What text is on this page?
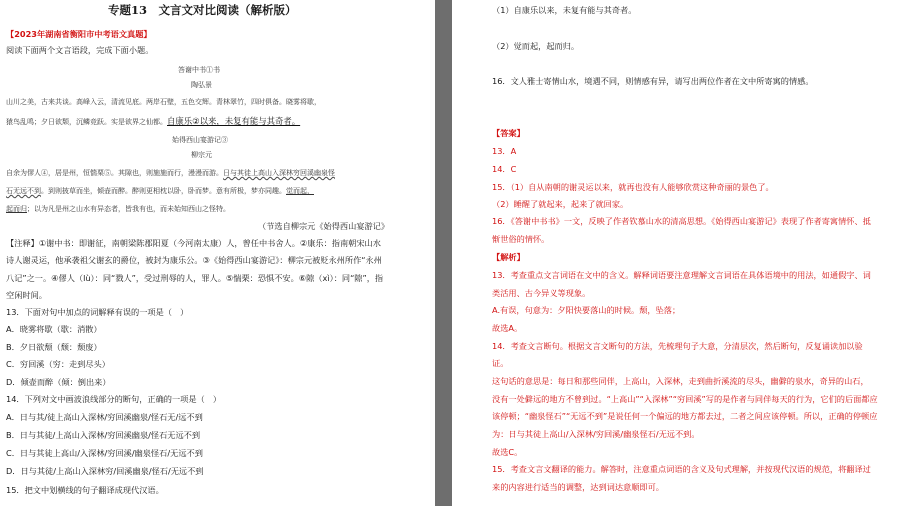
专题13　文言文对比阅读（解析版）
【2023年湖南省衡阳市中考语文真题】
阅读下面两个文言语段，完成下面小题。
答谢中书①书
陶弘景
山川之美，古来共谈。高峰入云，清流见底。两岸石壁，五色交辉。青林翠竹，四时俱备。晓雾将歇，
猿鸟乱鸣；夕日欲颓，沉鳞竞跃。实是欲界之仙都。自康乐②以来，未复有能与其奇者。
始得西山宴游记③
柳宗元
自余为僇人④，居是州，恒惴栗⑤。其隙也，则施施而行，漫漫而游。日与其徒上高山入深林穷回溪幽泉怪
石无远不到。到则披草而坐，倾壶而醉。醉则更相枕以卧，卧而梦。意有所极，梦亦同趣。觉而起，
起而归；以为凡是州之山水有异态者，皆我有也，而未始知西山之怪特。
（节选自柳宗元《始得西山宴游记》
【注释】①谢中书：即谢征，南朝梁陈郡阳夏（今河南太康）人，曾任中书舍人。②康乐：指南朝宋山水
诗人谢灵运，他承袭祖父谢玄的爵位，被封为康乐公。③《始得西山宴游记》：柳宗元被贬永州所作“永州
八记”之一。④僇人（lù）：同“戮人”，受过刑辱的人，罪人。⑤惴栗：恐惧不安。⑥隙（xì）：同“隙”，指
空闲时间。
13．下面对句中加点的词解释有误的一项是（　）
A．晓雾将歇（歇：消散）
B．夕日欲颓（颓：颓废）
C．穷回溪（穷：走到尽头）
D．倾壶而醉（倾：倒出来）
14．下列对文中画波浪线部分的断句，正确的一项是（　）
A．日与其/徒上高山入深林/穷回溪幽泉/怪石无/远不到
B．日与其徒/上高山入深林/穷回溪幽泉/怪石无远不到
C．日与其徒上高山/入深林/穷回溪/幽泉怪石/无远不到
D．日与其徒/上高山入深林穷/回溪幽泉/怪石/无远不到
15．把文中划横线的句子翻译成现代汉语。
（1）自康乐以来，未复有能与其奇者。
（2）觉而起，起而归。
16．文人雅士寄情山水，境遇不同，则情感有异，请写出两位作者在文中所寄寓的情感。
【答案】
13．A
14．C
15．（1）自从南朝的谢灵运以来，就再也没有人能够欣赏这种奇丽的景色了。
（2）睡醒了就起来，起来了就回家。
16．《答谢中书书》一文，反映了作者钦慕山水的清高思想。《始得西山宴游记》表现了作者寄寓情怀、抵
惭世俗的情怀。
【解析】
13．考查重点文言词语在文中的含义。解释词语要注意理解文言词语在具体语境中的用法，如通假字、词
类活用、古今异义等现象。
A.有误，句意为：夕阳快要落山的时候。颓，坠落；
故选A。
14．考查文言断句。根据文言文断句的方法，先梳理句子大意，分清层次，然后断句，反复诵读加以验
证。
这句话的意思是：每日和那些同伴，上高山，入深林，走到曲折溪流的尽头，幽僻的泉水，奇异的山石，
没有一处僻远的地方不曾到过。“上高山”“入深林”“穷回溪”写的是作者与同伴每天的行为，它们的后面都应
该停顿；“幽泉怪石”“无远不到”是说任何一个偏远的地方都去过，二者之间应该停顿。所以，正确的停顿应
为：日与其徒上高山/入深林/穷回溪/幽泉怪石/无远不到。
故选C。
15．考查文言文翻译的能力。解答时，注意重点词语的含义及句式理解，并按现代汉语的规范，将翻译过
来的内容进行适当的调整，达到词达意顺即可。
